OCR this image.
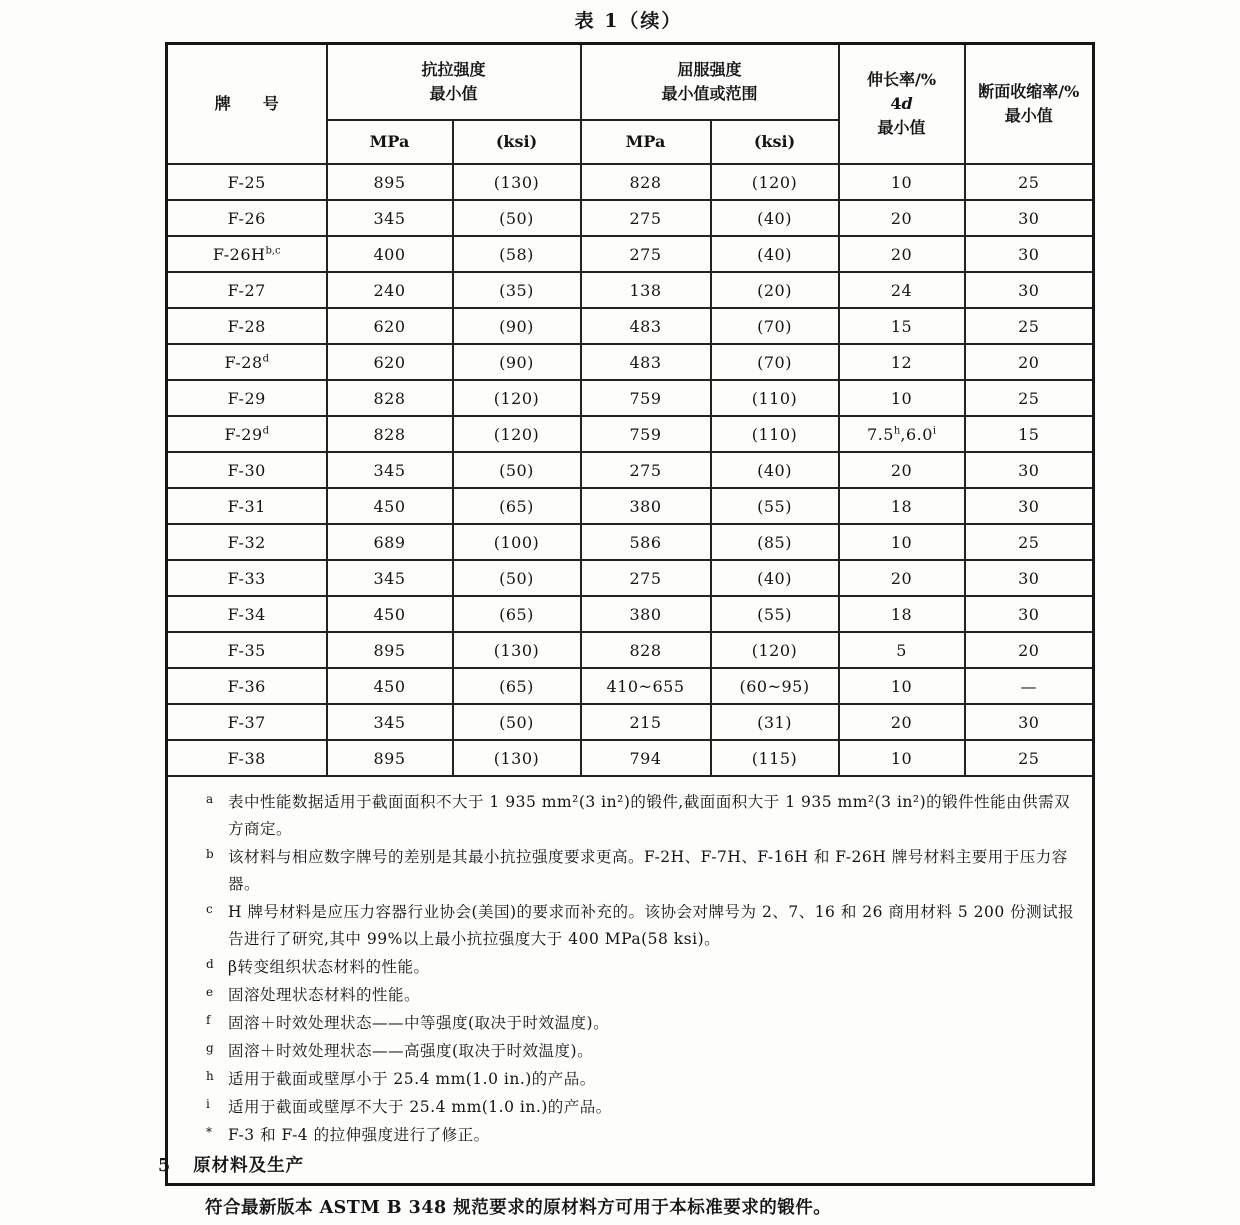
表 1（续）
牌　　号	
抗拉强度
最小值

屈服强度
最小值或范围

伸长率/%
4d
最小值

断面收缩率/%
最小值

	MPa	(ksi)	MPa	(ksi)		
F-25	895	(130)	828	(120)	10	25
F-26	345	(50)	275	(40)	20	30
$F-26H^{b,c}$	400	(58)	275	(40)	20	30
F-27	240	(35)	138	(20)	24	30
F-28	620	(90)	483	(70)	15	25
F-28$^d$	620	(90)	483	(70)	12	20
F-29	828	(120)	759	(110)	10	25
F-29$^d$	828	(120)	759	(110)	7.5$^h$,6.0$^i$	15
F-30	345	(50)	275	(40)	20	30
F-31	450	(65)	380	(55)	18	30
F-32	689	(100)	586	(85)	10	25
F-33	345	(50)	275	(40)	20	30
F-34	450	(65)	380	(55)	18	30
F-35	895	(130)	828	(120)	5	20
F-36	450	(65)	410~655	(60~95)	10	—
F-37	345	(50)	215	(31)	20	30
F-38	895	(130)	794	(115)	10	25

a 表中性能数据适用于截面面积不大于 1 935 mm²(3 in²)的锻件,截面面积大于 1 935 mm²(3 in²)的锻件性能由供需双方商定。
b 该材料与相应数字牌号的差别是其最小抗拉强度要求更高。F-2H、F-7H、F-16H 和 F-26H 牌号材料主要用于压力容器。
c H 牌号材料是应压力容器行业协会(美国)的要求而补充的。该协会对牌号为 2、7、16 和 26 商用材料 5 200 份测试报告进行了研究,其中 99%以上最小抗拉强度大于 400 MPa(58 ksi)。
d β转变组织状态材料的性能。
e 固溶处理状态材料的性能。
f 固溶＋时效处理状态——中等强度(取决于时效温度)。
g 固溶＋时效处理状态——高强度(取决于时效温度)。
h 适用于截面或壁厚小于 25.4 mm(1.0 in.)的产品。
i 适用于截面或壁厚不大于 25.4 mm(1.0 in.)的产品。
* F-3 和 F-4 的拉伸强度进行了修正。
5 原材料及生产
符合最新版本 ASTM B 348 规范要求的原材料方可用于本标准要求的锻件。
